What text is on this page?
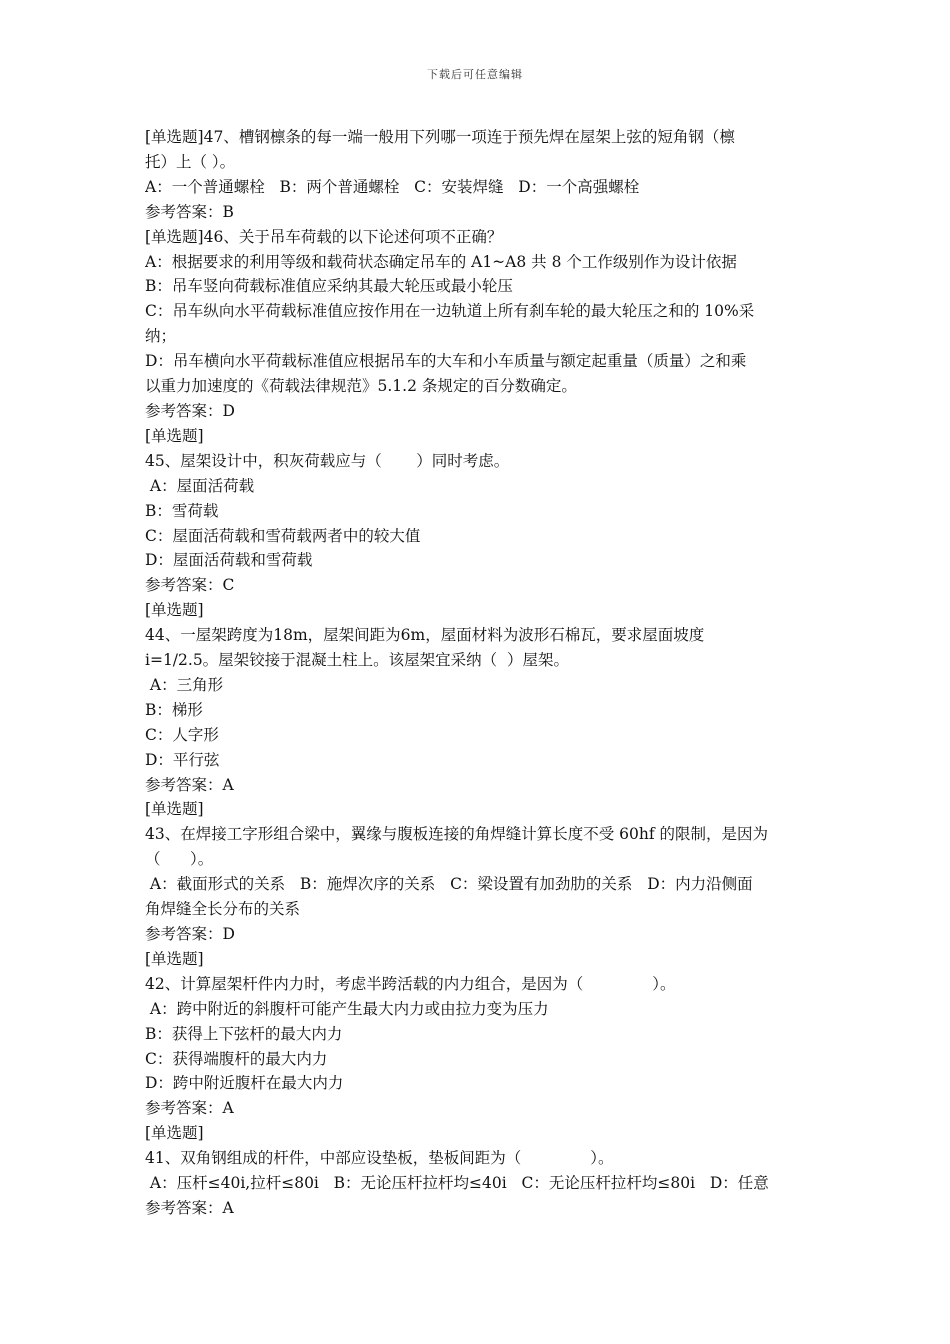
下载后可任意编辑
[单选题]47、槽钢檩条的每一端一般用下列哪一项连于预先焊在屋架上弦的短角钢（檩
托）上（ ）。
A：一个普通螺栓   B：两个普通螺栓   C：安装焊缝   D：一个高强螺栓
参考答案：B
[单选题]46、关于吊车荷载的以下论述何项不正确？
A：根据要求的利用等级和载荷状态确定吊车的 A1~A8 共 8 个工作级别作为设计依据
B：吊车竖向荷载标准值应采纳其最大轮压或最小轮压
C：吊车纵向水平荷载标准值应按作用在一边轨道上所有刹车轮的最大轮压之和的 10%采
纳；
D：吊车横向水平荷载标准值应根据吊车的大车和小车质量与额定起重量（质量）之和乘
以重力加速度的《荷载法律规范》5.1.2 条规定的百分数确定。
参考答案：D
[单选题]
45、屋架设计中，积灰荷载应与（       ）同时考虑。
A：屋面活荷载
B：雪荷载
C：屋面活荷载和雪荷载两者中的较大值
D：屋面活荷载和雪荷载
参考答案：C
[单选题]
44、一屋架跨度为18m，屋架间距为6m，屋面材料为波形石棉瓦，要求屋面坡度
i=1/2.5。屋架铰接于混凝土柱上。该屋架宜采纳（  ）屋架。
A：三角形
B：梯形
C：人字形
D：平行弦
参考答案：A
[单选题]
43、在焊接工字形组合梁中，翼缘与腹板连接的角焊缝计算长度不受 60hf 的限制，是因为
（      ）。
A：截面形式的关系   B：施焊次序的关系   C：梁设置有加劲肋的关系   D：内力沿侧面
角焊缝全长分布的关系
参考答案：D
[单选题]
42、计算屋架杆件内力时，考虑半跨活载的内力组合，是因为（              ）。
A：跨中附近的斜腹杆可能产生最大内力或由拉力变为压力
B：获得上下弦杆的最大内力
C：获得端腹杆的最大内力
D：跨中附近腹杆在最大内力
参考答案：A
[单选题]
41、双角钢组成的杆件，中部应设垫板，垫板间距为（              ）。
A：压杆≤40i,拉杆≤80i   B：无论压杆拉杆均≤40i   C：无论压杆拉杆均≤80i   D：任意
参考答案：A
